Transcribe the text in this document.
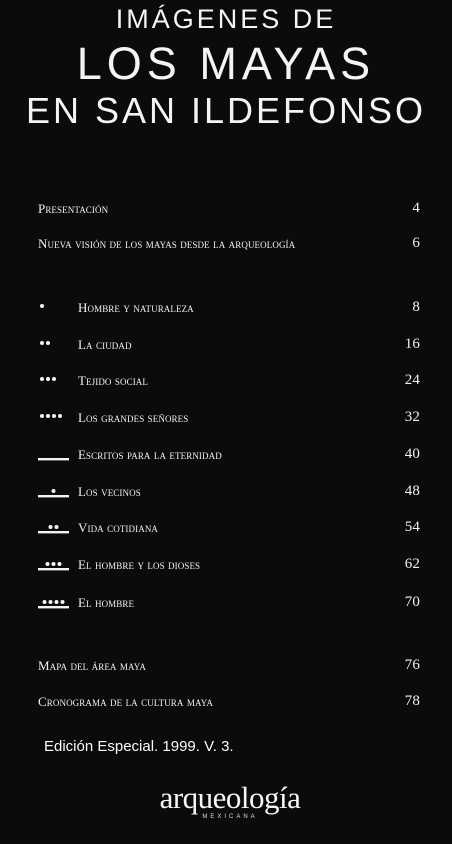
IMÁGENES DE
LOS MAYAS
EN SAN ILDEFONSO
Presentación	4
Nueva visión de los mayas desde la arqueología	6
Hombre y naturaleza	8
La ciudad	16
Tejido social	24
Los grandes señores	32
Escritos para la eternidad	40
Los vecinos	48
Vida cotidiana	54
El hombre y los dioses	62
El hombre	70
Mapa del área maya	76
Cronograma de la cultura maya	78
Edición Especial. 1999. V. 3.
arqueología
MEXICANA
